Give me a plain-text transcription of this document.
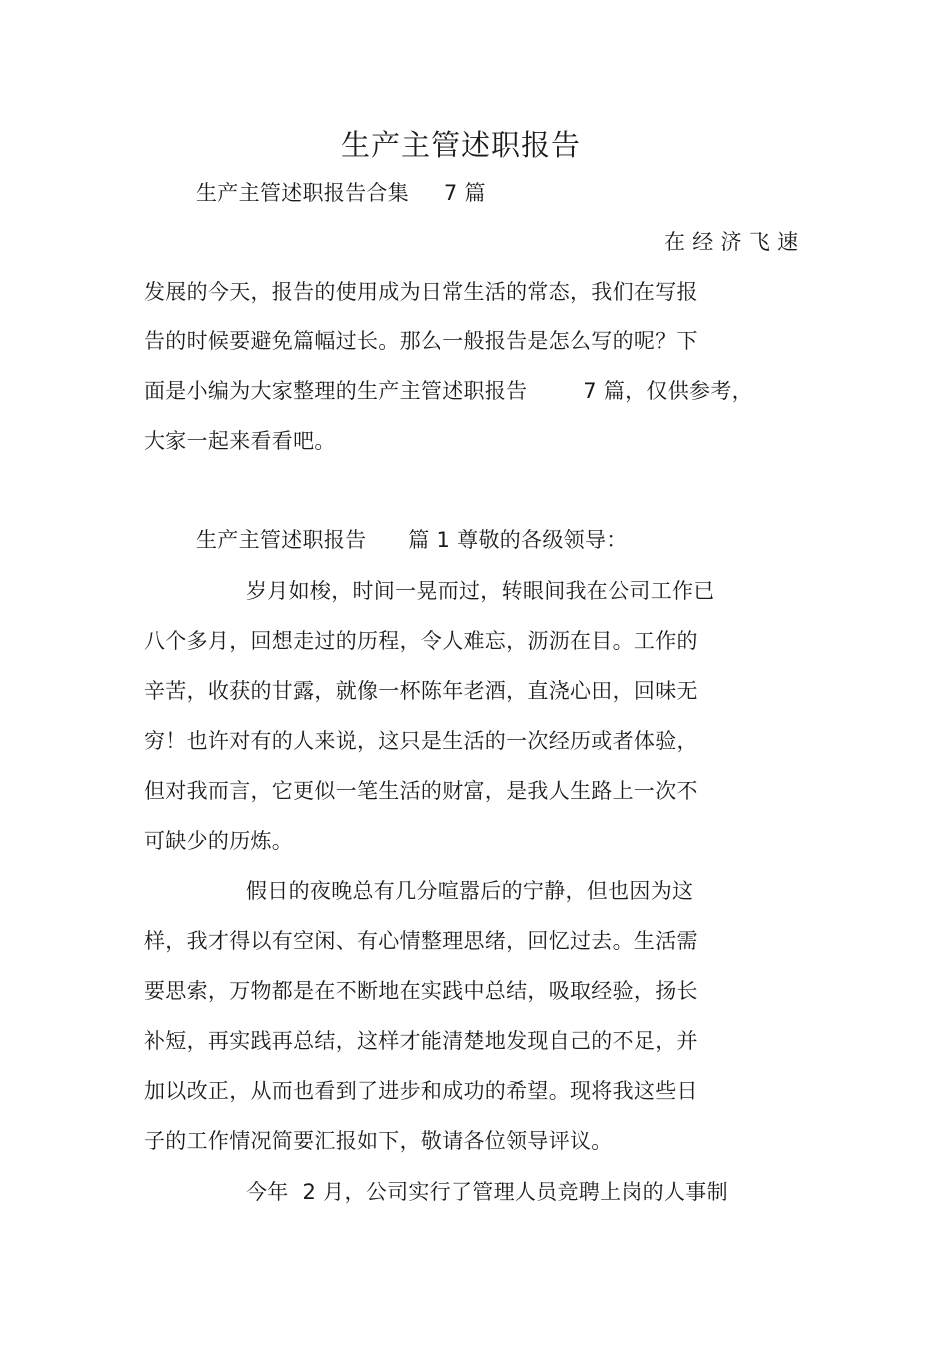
生产主管述职报告
生产主管述职报告合集     7 篇
在 经 济 飞 速
发展的今天，报告的使用成为日常生活的常态，我们在写报
告的时候要避免篇幅过长。那么一般报告是怎么写的呢？下
面是小编为大家整理的生产主管述职报告        7 篇，仅供参考，
大家一起来看看吧。
生产主管述职报告      篇 1 尊敬的各级领导：
岁月如梭，时间一晃而过，转眼间我在公司工作已
八个多月，回想走过的历程，令人难忘，沥沥在目。工作的
辛苦，收获的甘露，就像一杯陈年老酒，直浇心田，回味无
穷！也许对有的人来说，这只是生活的一次经历或者体验，
但对我而言，它更似一笔生活的财富，是我人生路上一次不
可缺少的历炼。
假日的夜晚总有几分喧嚣后的宁静，但也因为这
样，我才得以有空闲、有心情整理思绪，回忆过去。生活需
要思索，万物都是在不断地在实践中总结，吸取经验，扬长
补短，再实践再总结，这样才能清楚地发现自己的不足，并
加以改正，从而也看到了进步和成功的希望。现将我这些日
子的工作情况简要汇报如下，敬请各位领导评议。
今年  2 月，公司实行了管理人员竞聘上岗的人事制
